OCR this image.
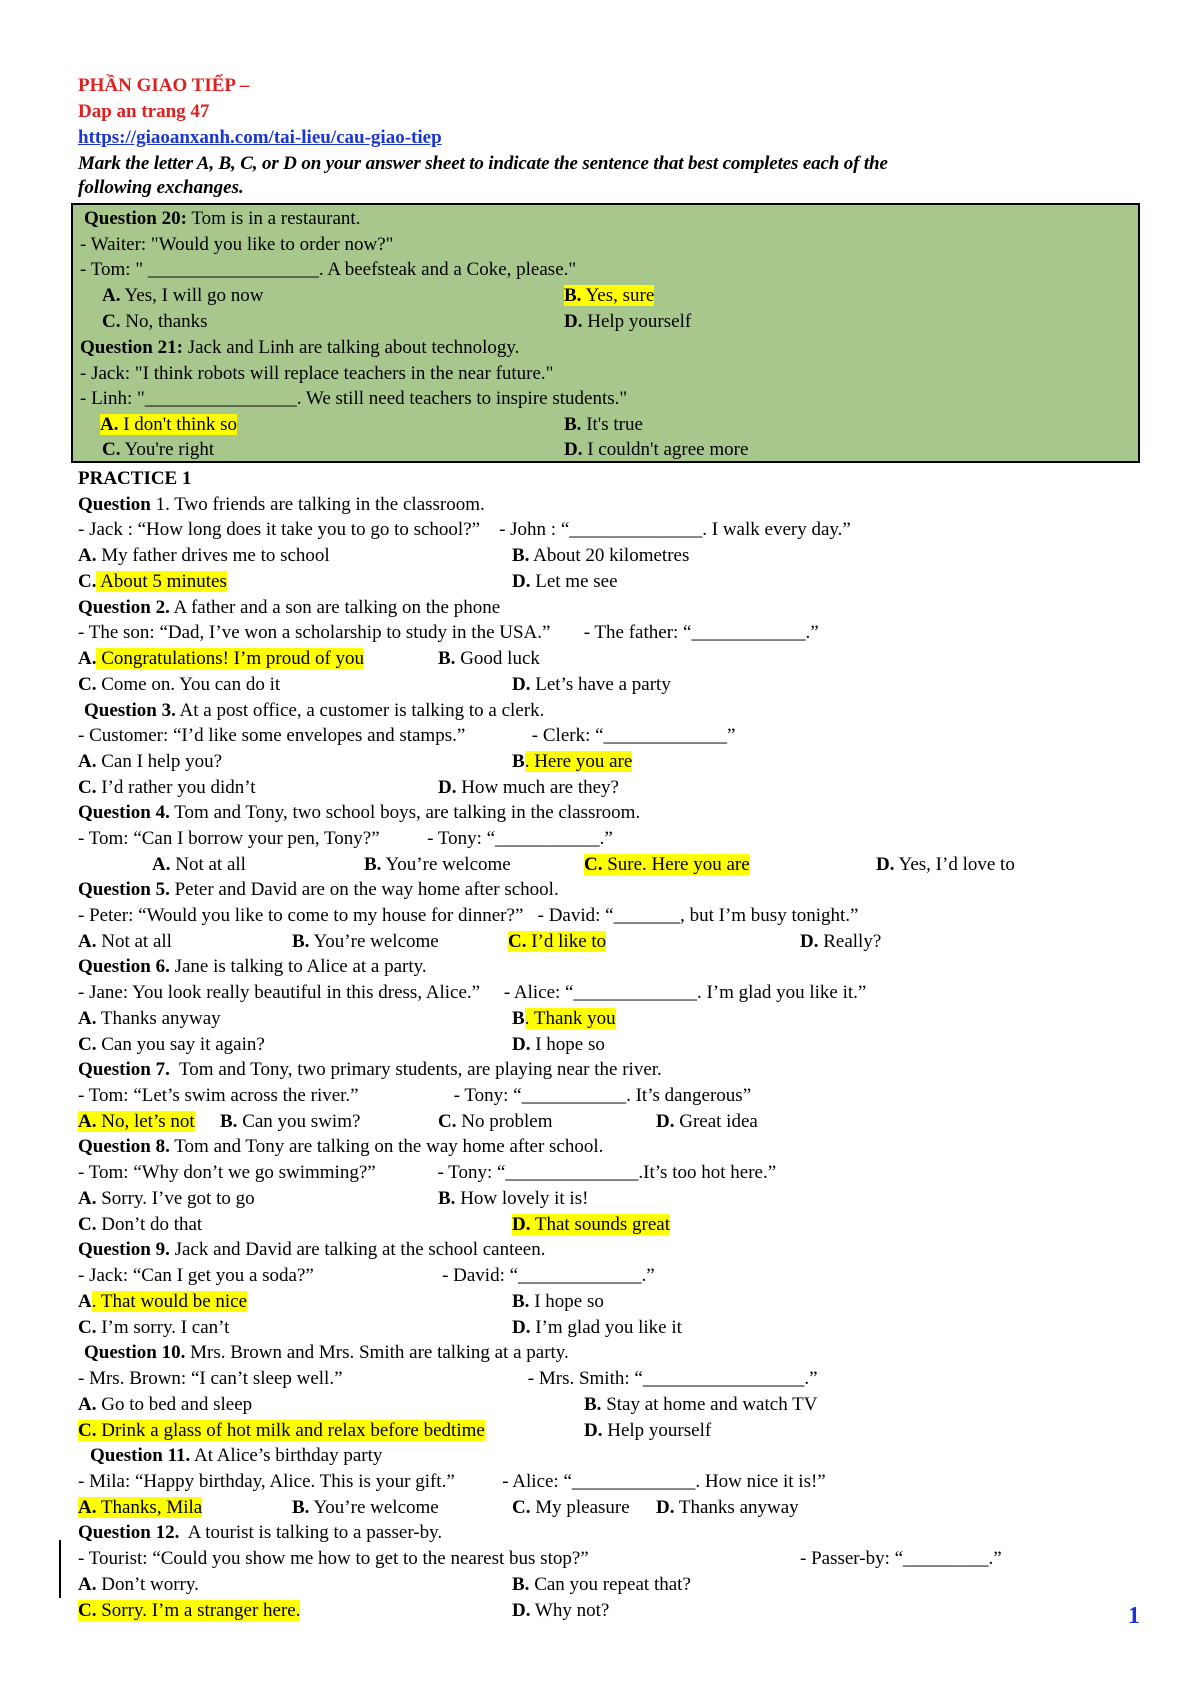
PHẦN GIAO TIẾP –
Dap an trang 47
https://giaoanxanh.com/tai-lieu/cau-giao-tiep
Mark the letter A, B, C, or D on your answer sheet to indicate the sentence that best completes each of the
following exchanges.
Question 20: Tom is in a restaurant.
- Waiter: "Would you like to order now?"
- Tom: " __________________. A beefsteak and a Coke, please."
A. Yes, I will go now	B. Yes, sure
C. No, thanks	D. Help yourself
Question 21: Jack and Linh are talking about technology.
- Jack: "I think robots will replace teachers in the near future."
- Linh: "________________. We still need teachers to inspire students."
A. I don't think so	B. It's true
C. You're right	D. I couldn't agree more
PRACTICE 1
Question 1. Two friends are talking in the classroom.
- Jack : “How long does it take you to go to school?”    - John : “______________. I walk every day.”
A. My father drives me to school	B. About 20 kilometres
C. About 5 minutes	D. Let me see
Question 2. A father and a son are talking on the phone
- The son: “Dad, I’ve won a scholarship to study in the USA.”       - The father: “____________.”
A. Congratulations! I’m proud of you	B. Good luck
C. Come on. You can do it	D. Let’s have a party
Question 3. At a post office, a customer is talking to a clerk.
- Customer: “I’d like some envelopes and stamps.”              - Clerk: “_____________”
A. Can I help you?	B. Here you are
C. I’d rather you didn’t	D. How much are they?
Question 4. Tom and Tony, two school boys, are talking in the classroom.
- Tom: “Can I borrow your pen, Tony?”          - Tony: “___________.”
A. Not at all	B. You’re welcome	C. Sure. Here you are	D. Yes, I’d love to
Question 5. Peter and David are on the way home after school.
- Peter: “Would you like to come to my house for dinner?”   - David: “_______, but I’m busy tonight.”
A. Not at all	B. You’re welcome	C. I’d like to	D. Really?
Question 6. Jane is talking to Alice at a party.
- Jane: You look really beautiful in this dress, Alice.”     - Alice: “_____________. I’m glad you like it.”
A. Thanks anyway	B. Thank you
C. Can you say it again?	D. I hope so
Question 7.  Tom and Tony, two primary students, are playing near the river.
- Tom: “Let’s swim across the river.”                    - Tony: “___________. It’s dangerous”
A. No, let’s not B. Can you swim?	C. No problem	D. Great idea
Question 8. Tom and Tony are talking on the way home after school.
- Tom: “Why don’t we go swimming?”             - Tony: “______________.It’s too hot here.”
A. Sorry. I’ve got to go	B. How lovely it is!
C. Don’t do that	D. That sounds great
Question 9. Jack and David are talking at the school canteen.
- Jack: “Can I get you a soda?”                           - David: “_____________.”
A. That would be nice	B. I hope so
C. I’m sorry. I can’t	D. I’m glad you like it
Question 10. Mrs. Brown and Mrs. Smith are talking at a party.
- Mrs. Brown: “I can’t sleep well.”                                       - Mrs. Smith: “_________________.”
A. Go to bed and sleep	B. Stay at home and watch TV
C. Drink a glass of hot milk and relax before bedtime	D. Help yourself
Question 11. At Alice’s birthday party
- Mila: “Happy birthday, Alice. This is your gift.”          - Alice: “_____________. How nice it is!”
A. Thanks, Mila	B. You’re welcome	C. My pleasure D. Thanks anyway
Question 12.  A tourist is talking to a passer-by.
- Tourist: “Could you show me how to get to the nearest bus stop?”	- Passer-by: “_________.”
A. Don’t worry.	B. Can you repeat that?
C. Sorry. I’m a stranger here.	D. Why not?	1
